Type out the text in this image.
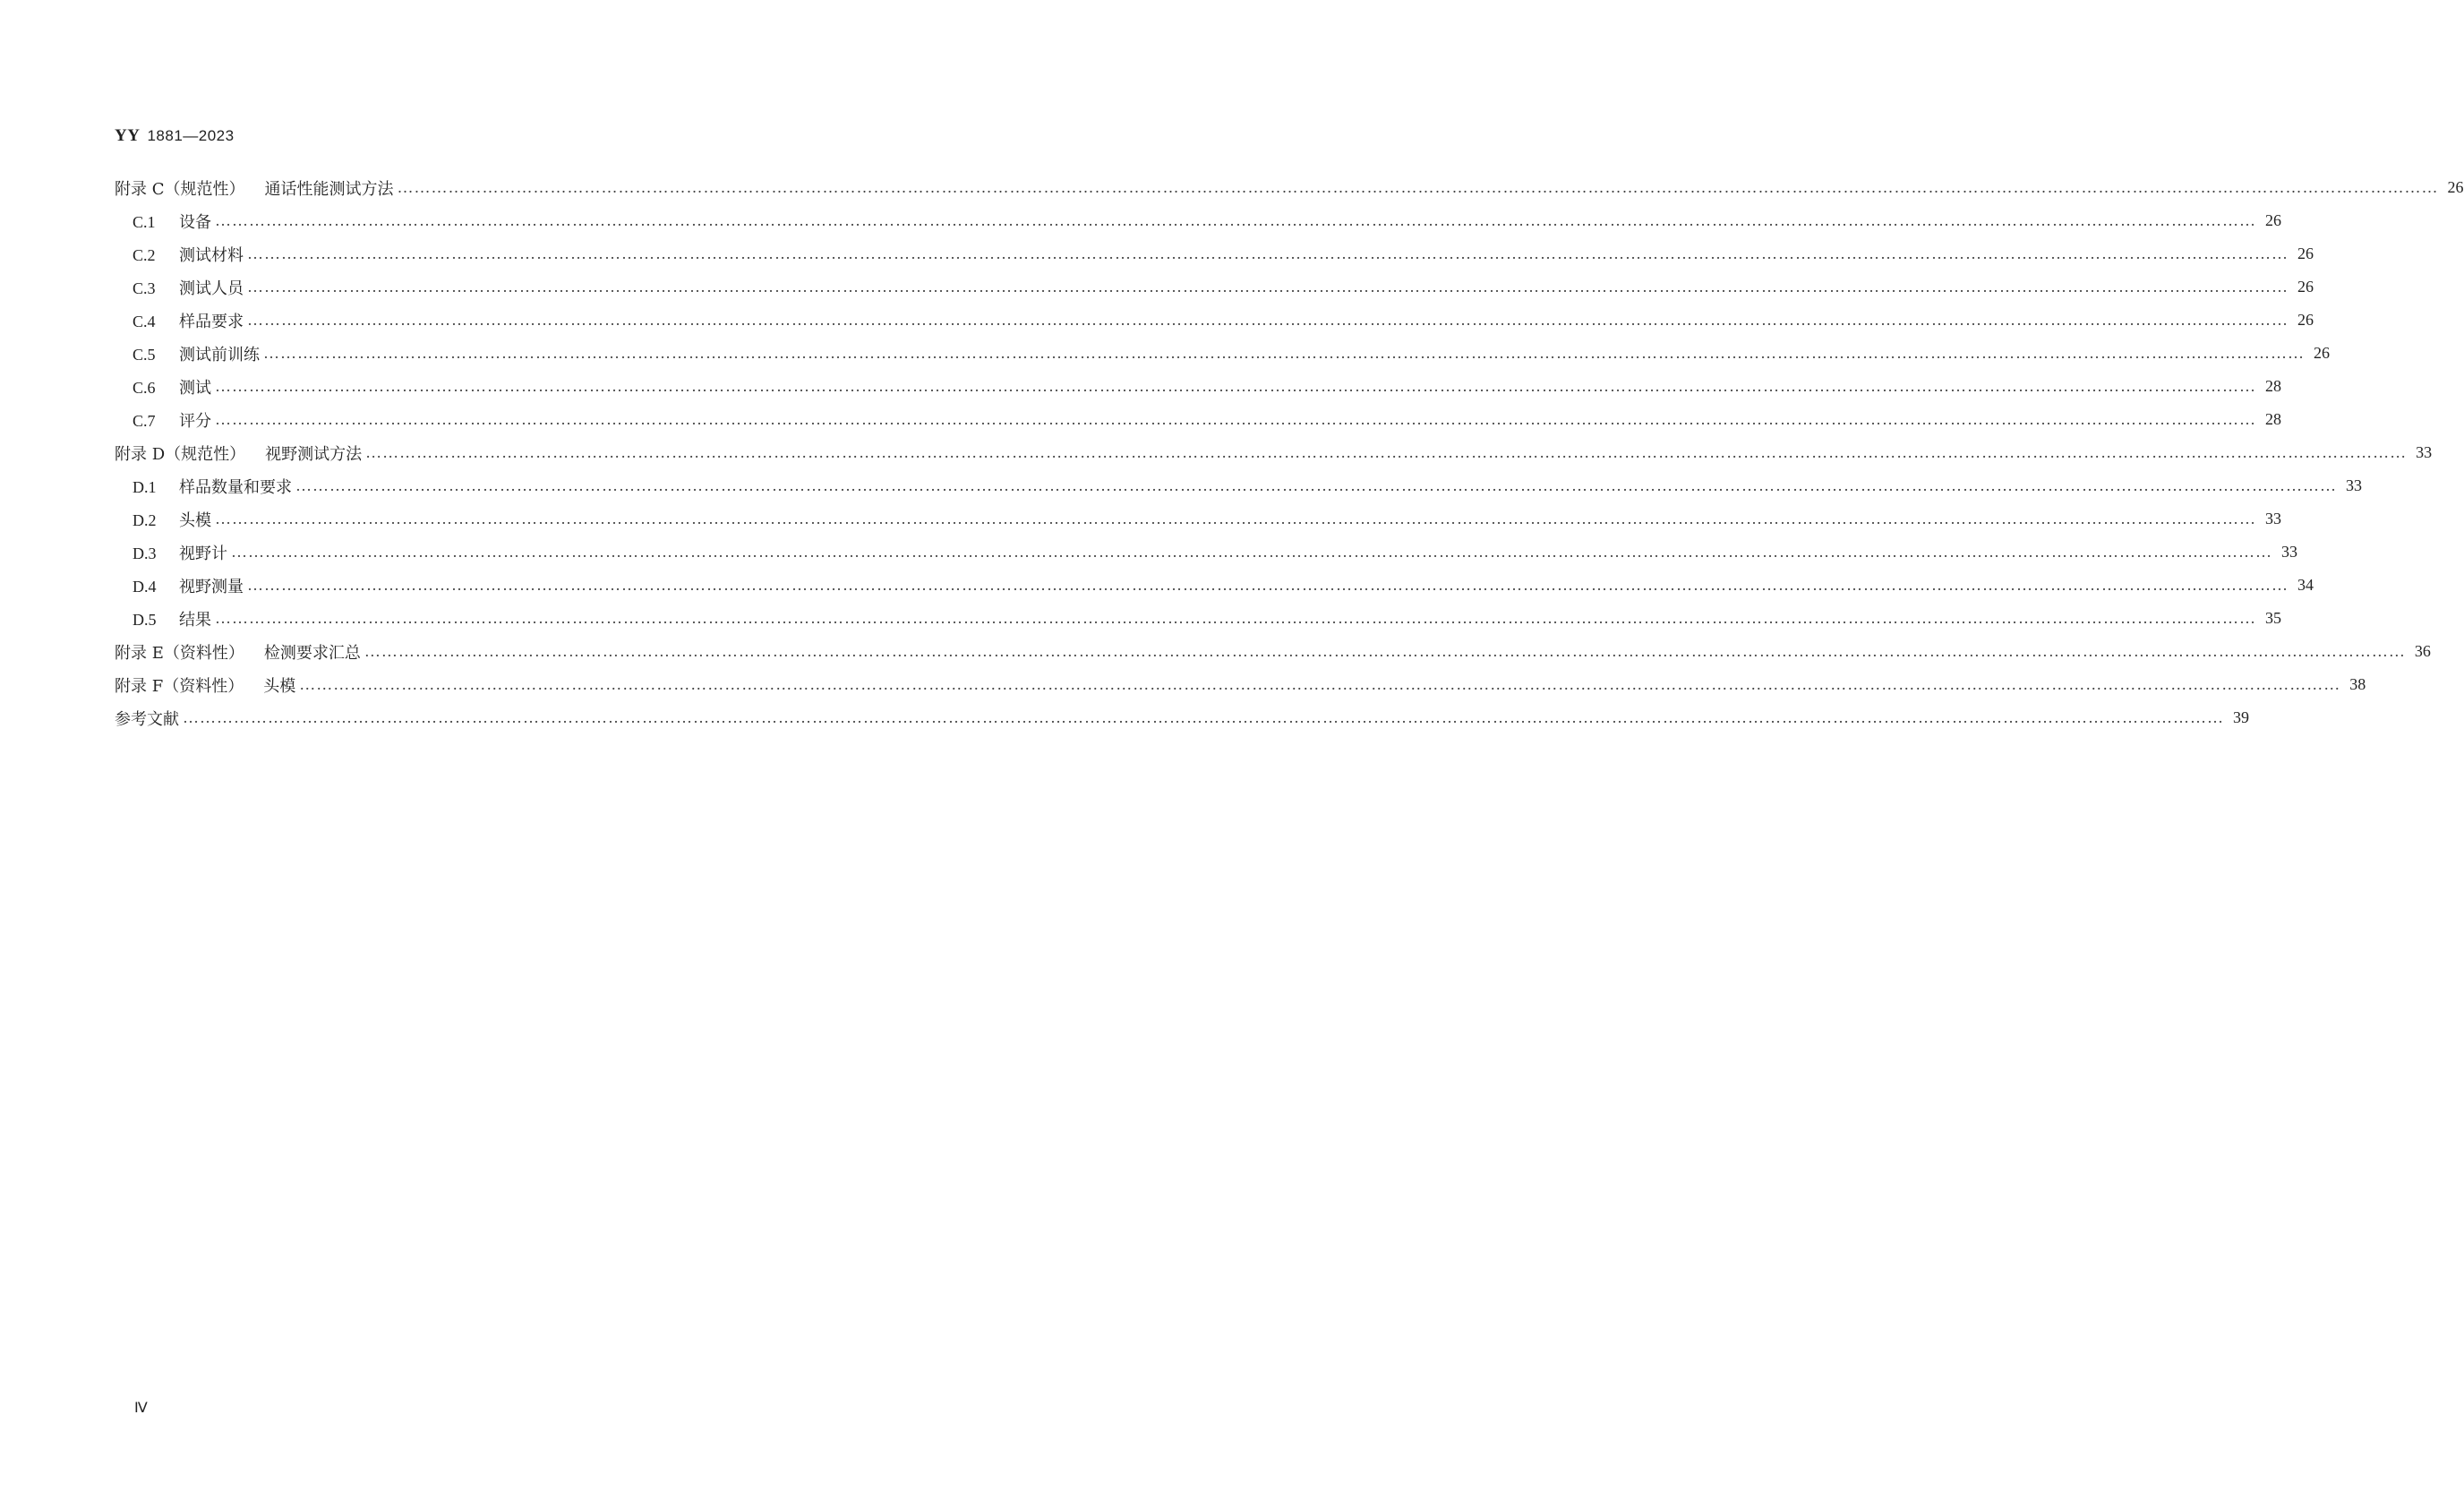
YY 1881—2023
附录 C（规范性） 通话性能测试方法 ……………………………………………………………………………………………………………………………………………………………………………………………………………………………………………………………………………………………………………………………… 26
C.1 设备 ……………………………………………………………………………………………………………………………………………………………………………………………………………………………………………………………………………………………………………………………… 26
C.2 测试材料 ……………………………………………………………………………………………………………………………………………………………………………………………………………………………………………………………………………………………………………………………… 26
C.3 测试人员 ……………………………………………………………………………………………………………………………………………………………………………………………………………………………………………………………………………………………………………………………… 26
C.4 样品要求 ……………………………………………………………………………………………………………………………………………………………………………………………………………………………………………………………………………………………………………………………… 26
C.5 测试前训练 ……………………………………………………………………………………………………………………………………………………………………………………………………………………………………………………………………………………………………………………………… 26
C.6 测试 ……………………………………………………………………………………………………………………………………………………………………………………………………………………………………………………………………………………………………………………………… 28
C.7 评分 ……………………………………………………………………………………………………………………………………………………………………………………………………………………………………………………………………………………………………………………………… 28
附录 D（规范性） 视野测试方法 ……………………………………………………………………………………………………………………………………………………………………………………………………………………………………………………………………………………………………………………………… 33
D.1 样品数量和要求 ……………………………………………………………………………………………………………………………………………………………………………………………………………………………………………………………………………………………………………………………… 33
D.2 头模 ……………………………………………………………………………………………………………………………………………………………………………………………………………………………………………………………………………………………………………………………… 33
D.3 视野计 ……………………………………………………………………………………………………………………………………………………………………………………………………………………………………………………………………………………………………………………………… 33
D.4 视野测量 ……………………………………………………………………………………………………………………………………………………………………………………………………………………………………………………………………………………………………………………………… 34
D.5 结果 ……………………………………………………………………………………………………………………………………………………………………………………………………………………………………………………………………………………………………………………………… 35
附录 E（资料性） 检测要求汇总 ……………………………………………………………………………………………………………………………………………………………………………………………………………………………………………………………………………………………………………………………… 36
附录 F（资料性） 头模 ……………………………………………………………………………………………………………………………………………………………………………………………………………………………………………………………………………………………………………………………… 38
参考文献 ……………………………………………………………………………………………………………………………………………………………………………………………………………………………………………………………………………………………………………………………… 39
Ⅳ
